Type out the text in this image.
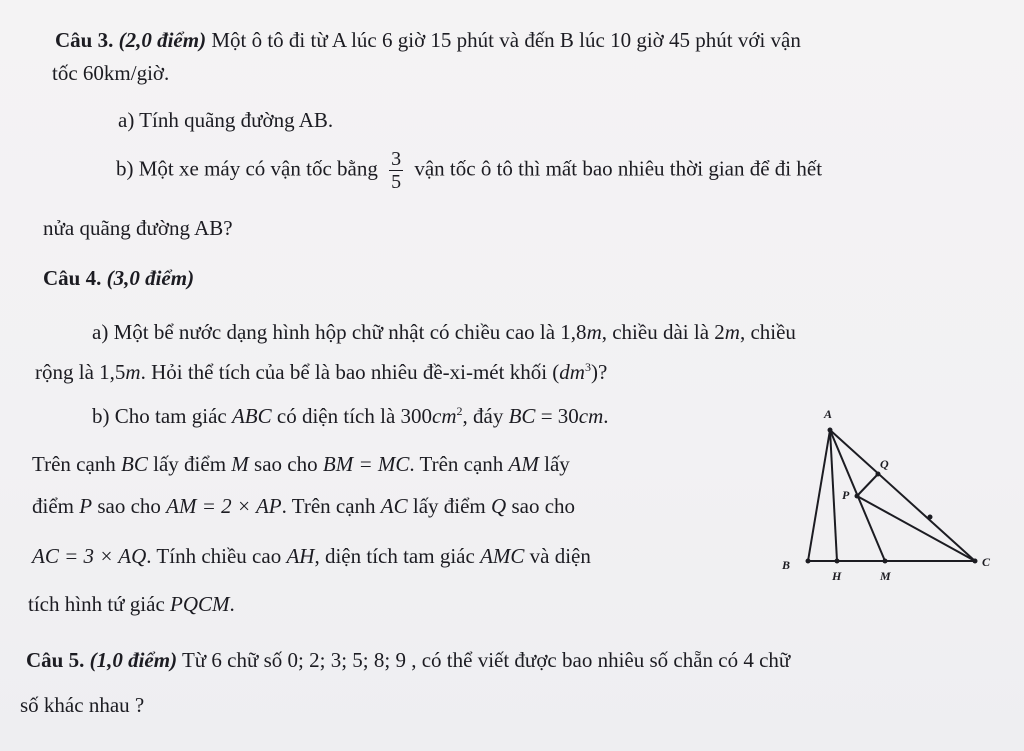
Câu 3. (2,0 điểm) Một ô tô đi từ A lúc 6 giờ 15 phút và đến B lúc 10 giờ 45 phút với vận
tốc 60km/giờ.
a) Tính quãng đường AB.
b) Một xe máy có vận tốc bằng $\frac{3}{5}$ vận tốc ô tô thì mất bao nhiêu thời gian để đi hết
nửa quãng đường AB?
Câu 4. (3,0 điểm)
a) Một bể nước dạng hình hộp chữ nhật có chiều cao là 1,8m, chiều dài là 2m, chiều
rộng là 1,5m. Hỏi thể tích của bể là bao nhiêu đề-xi-mét khối $(dm^3)$?
b) Cho tam giác ABC có diện tích là $300cm^2$, đáy BC = 30cm.
Trên cạnh BC lấy điểm M sao cho BM = MC. Trên cạnh AM lấy
điểm P sao cho AM = 2 × AP. Trên cạnh AC lấy điểm Q sao cho
AC = 3 × AQ. Tính chiều cao AH, diện tích tam giác AMC và diện
tích hình tứ giác PQCM.
A
B	C
H	M
P
Q
Câu 5. (1,0 điểm) Từ 6 chữ số 0; 2; 3; 5; 8; 9 , có thể viết được bao nhiêu số chẵn có 4 chữ
số khác nhau ?
